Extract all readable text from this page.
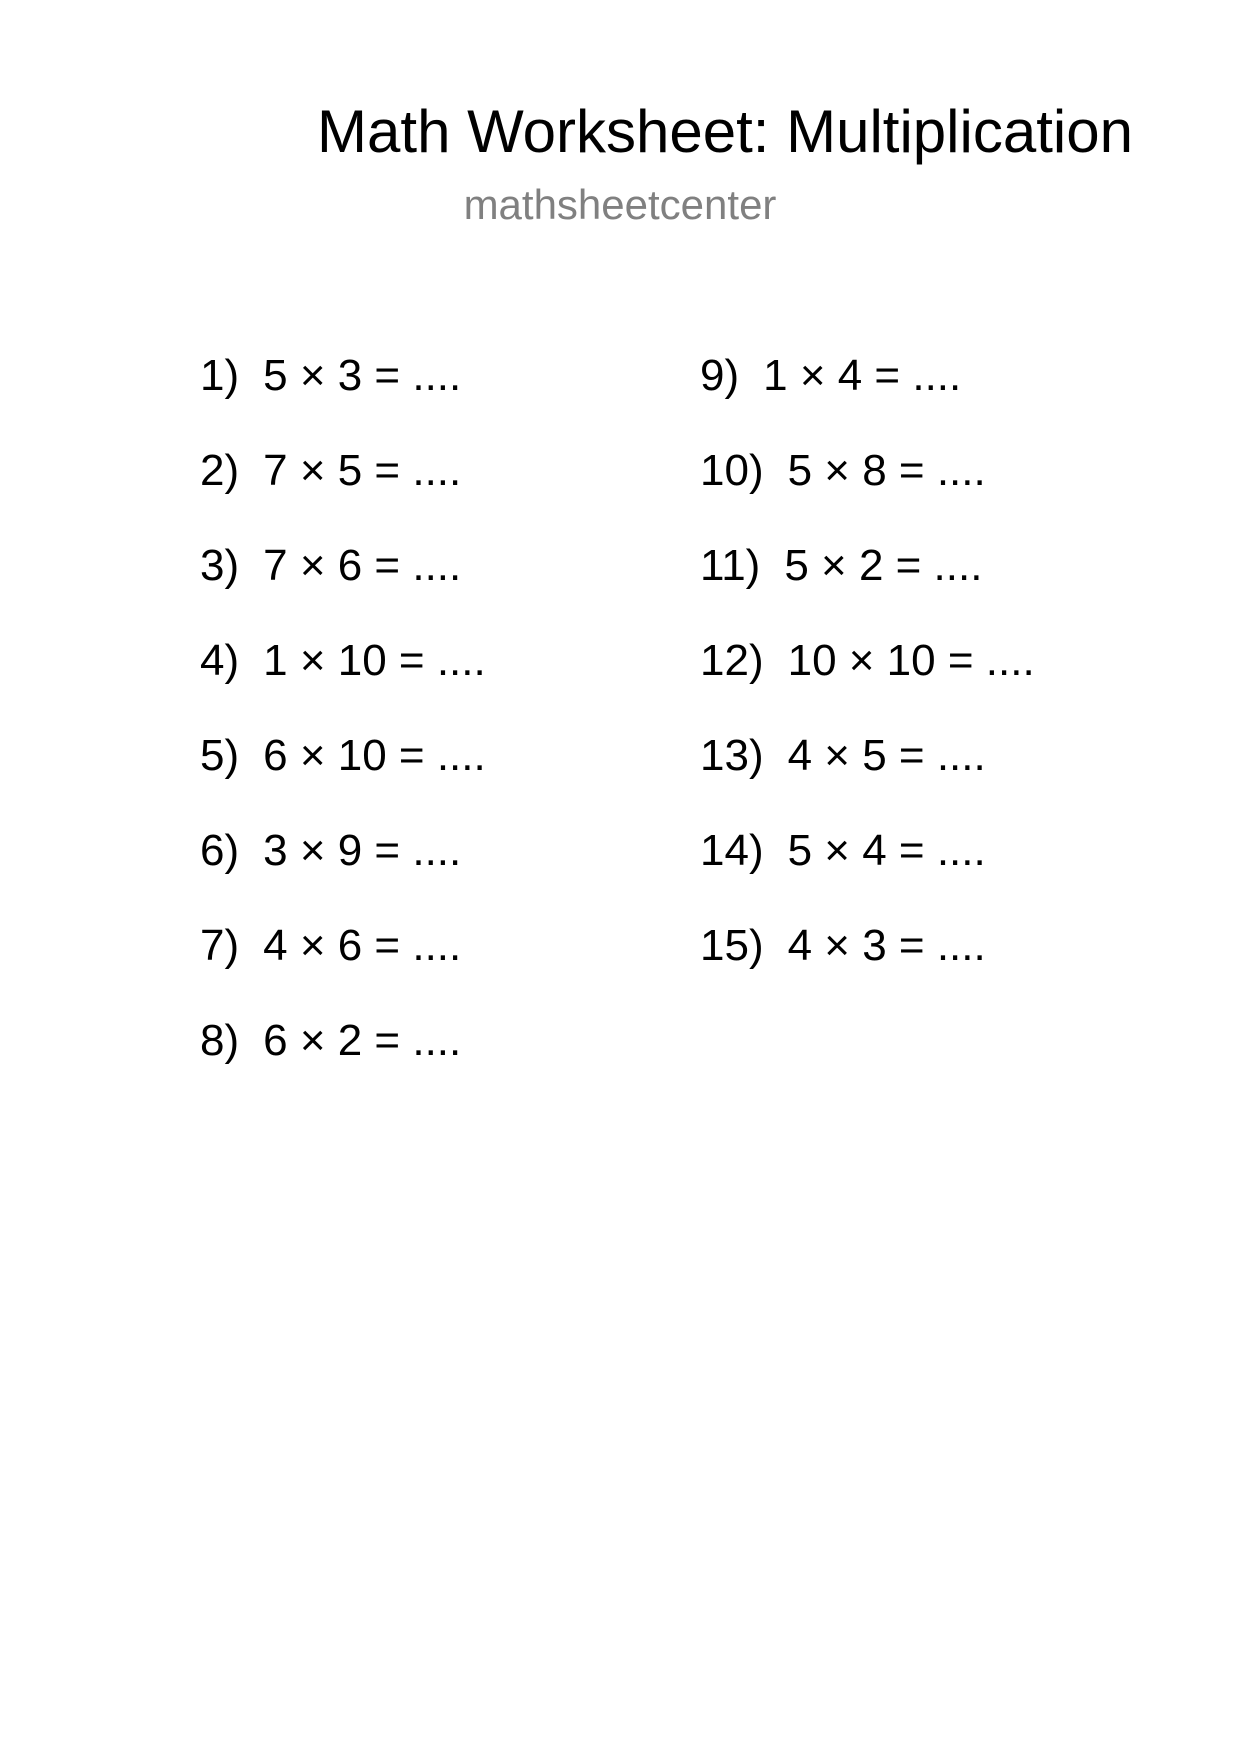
Math Worksheet: Multiplication
mathsheetcenter
1) 5 × 3 = ....
2) 7 × 5 = ....
3) 7 × 6 = ....
4) 1 × 10 = ....
5) 6 × 10 = ....
6) 3 × 9 = ....
7) 4 × 6 = ....
8) 6 × 2 = ....
9) 1 × 4 = ....
10) 5 × 8 = ....
11) 5 × 2 = ....
12) 10 × 10 = ....
13) 4 × 5 = ....
14) 5 × 4 = ....
15) 4 × 3 = ....
